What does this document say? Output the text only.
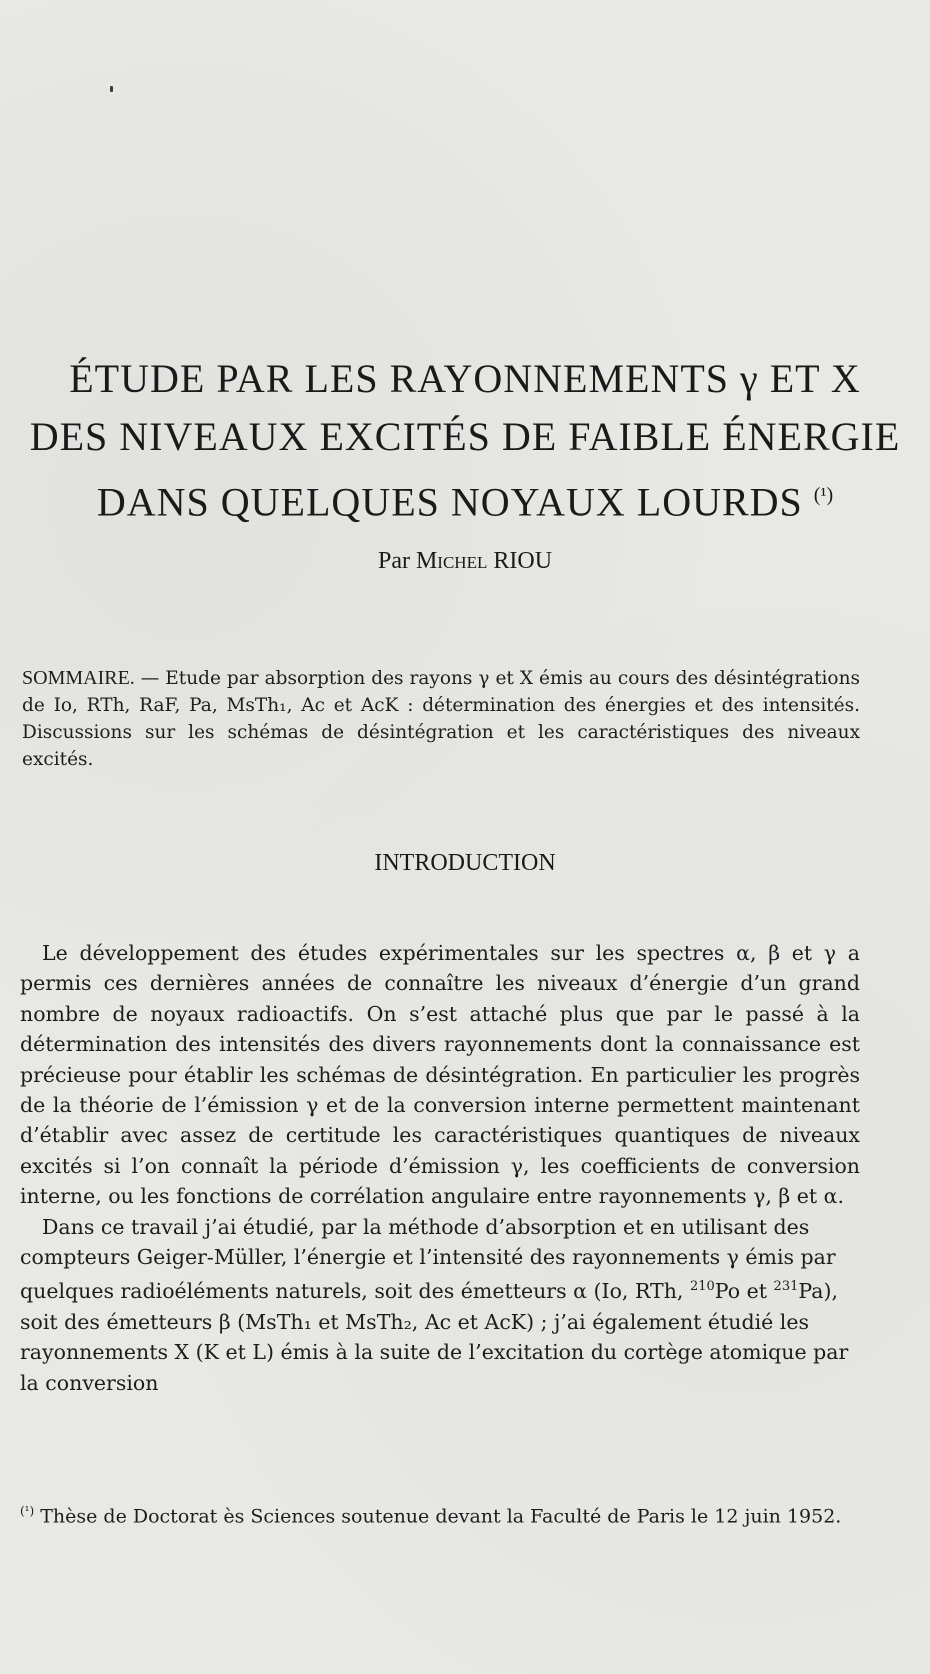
ÉTUDE PAR LES RAYONNEMENTS γ ET X
DES NIVEAUX EXCITÉS DE FAIBLE ÉNERGIE
DANS QUELQUES NOYAUX LOURDS $^{(^1)}$
Par Michel RIOU
SOMMAIRE. — Etude par absorption des rayons γ et X émis au cours des désintégrations de Io, RTh, RaF, Pa, MsTh₁, Ac et AcK : détermination des énergies et des intensités. Discussions sur les schémas de désintégration et les caractéristiques des niveaux excités.
INTRODUCTION

Le développement des études expérimentales sur les spectres α, β et γ a permis ces dernières années de connaître les niveaux d’énergie d’un grand nombre de noyaux radioactifs. On s’est attaché plus que par le passé à la détermination des intensités des divers rayonnements dont la connaissance est précieuse pour établir les schémas de désintégration. En particulier les progrès de la théorie de l’émission γ et de la conversion interne permettent maintenant d’établir avec assez de certitude les caractéristiques quantiques de niveaux excités si l’on connaît la période d’émission γ, les coefficients de conversion interne, ou les fonctions de corrélation angulaire entre rayonnements γ, β et α.

Dans ce travail j’ai étudié, par la méthode d’absorption et en utilisant des compteurs Geiger-Müller, l’énergie et l’intensité des rayonnements γ émis par quelques radioéléments naturels, soit des émetteurs α (Io, RTh, $^{210}$Po et $^{231}$Pa), soit des émetteurs β (MsTh₁ et MsTh₂, Ac et AcK) ; j’ai également étudié les rayonnements X (K et L) émis à la suite de l’excitation du cortège atomique par la conversion

$^{(^1)}$ Thèse de Doctorat ès Sciences soutenue devant la Faculté de Paris le 12 juin 1952.
